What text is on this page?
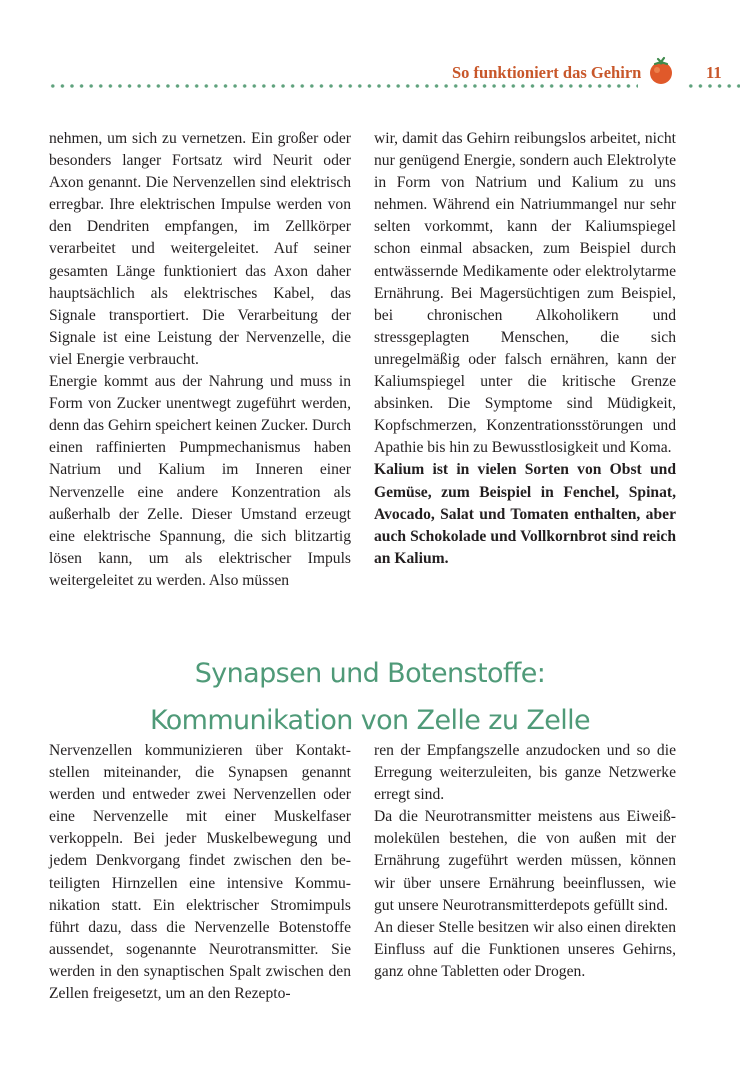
So funktioniert das Gehirn	11

nehmen, um sich zu vernetzen. Ein großer oder besonders langer Fortsatz wird Neurit oder Axon genannt. Die Nervenzellen sind elektrisch erregbar. Ihre elektrischen Impulse werden von den Dendriten empfangen, im Zellkörper verarbeitet und weitergeleitet. Auf seiner gesamten Länge funktioniert das Axon daher hauptsächlich als elektrisches Kabel, das Signale transportiert. Die Verarbeitung der Signale ist eine Leistung der Nervenzelle, die viel Energie verbraucht.

Energie kommt aus der Nahrung und muss in Form von Zucker unentwegt zugeführt werden, denn das Gehirn speichert keinen Zucker. Durch einen raffinierten Pumpmechanismus haben Natrium und Kalium im Inneren einer Nervenzelle eine andere Konzentration als außerhalb der Zelle. Dieser Umstand erzeugt eine elektrische Spannung, die sich blitzartig lösen kann, um als elektrischer Impuls weitergeleitet zu werden. Also müssen

wir, damit das Gehirn reibungslos arbeitet, nicht nur genügend Energie, sondern auch Elektrolyte in Form von Natrium und Kalium zu uns nehmen. Während ein Natriummangel nur sehr selten vorkommt, kann der Kaliumspiegel schon einmal absacken, zum Beispiel durch entwässernde Medikamente oder elektrolytarme Ernährung. Bei Magersüchtigen zum Beispiel, bei chronischen Alkoholikern und stressgeplagten Menschen, die sich unregelmäßig oder falsch ernähren, kann der Kaliumspiegel unter die kritische Grenze absinken. Die Symptome sind Müdigkeit, Kopfschmerzen, Konzentrationsstörungen und Apathie bis hin zu Bewusstlosigkeit und Koma.

Kalium ist in vielen Sorten von Obst und Gemüse, zum Beispiel in Fenchel, Spinat, Avocado, Salat und Tomaten enthalten, aber auch Schokolade und Vollkornbrot sind reich an Kalium.

Synapsen und Botenstoffe:
Kommunikation von Zelle zu Zelle

Nervenzellen kommunizieren über Kontaktstellen miteinander, die Synapsen genannt werden und entweder zwei Nervenzellen oder eine Nervenzelle mit einer Muskelfaser verkoppeln. Bei jeder Muskelbewegung und jedem Denkvorgang findet zwischen den beteiligten Hirnzellen eine intensive Kommunikation statt. Ein elektrischer Stromimpuls führt dazu, dass die Nervenzelle Botenstoffe aussendet, sogenannte Neurotransmitter. Sie werden in den synaptischen Spalt zwischen den Zellen freigesetzt, um an den Rezepto-

ren der Empfangszelle anzudocken und so die Erregung weiterzuleiten, bis ganze Netzwerke erregt sind.

Da die Neurotransmitter meistens aus Eiweißmolekülen bestehen, die von außen mit der Ernährung zugeführt werden müssen, können wir über unsere Ernährung beeinflussen, wie gut unsere Neurotransmitterdepots gefüllt sind.

An dieser Stelle besitzen wir also einen direkten Einfluss auf die Funktionen unseres Gehirns, ganz ohne Tabletten oder Drogen.
